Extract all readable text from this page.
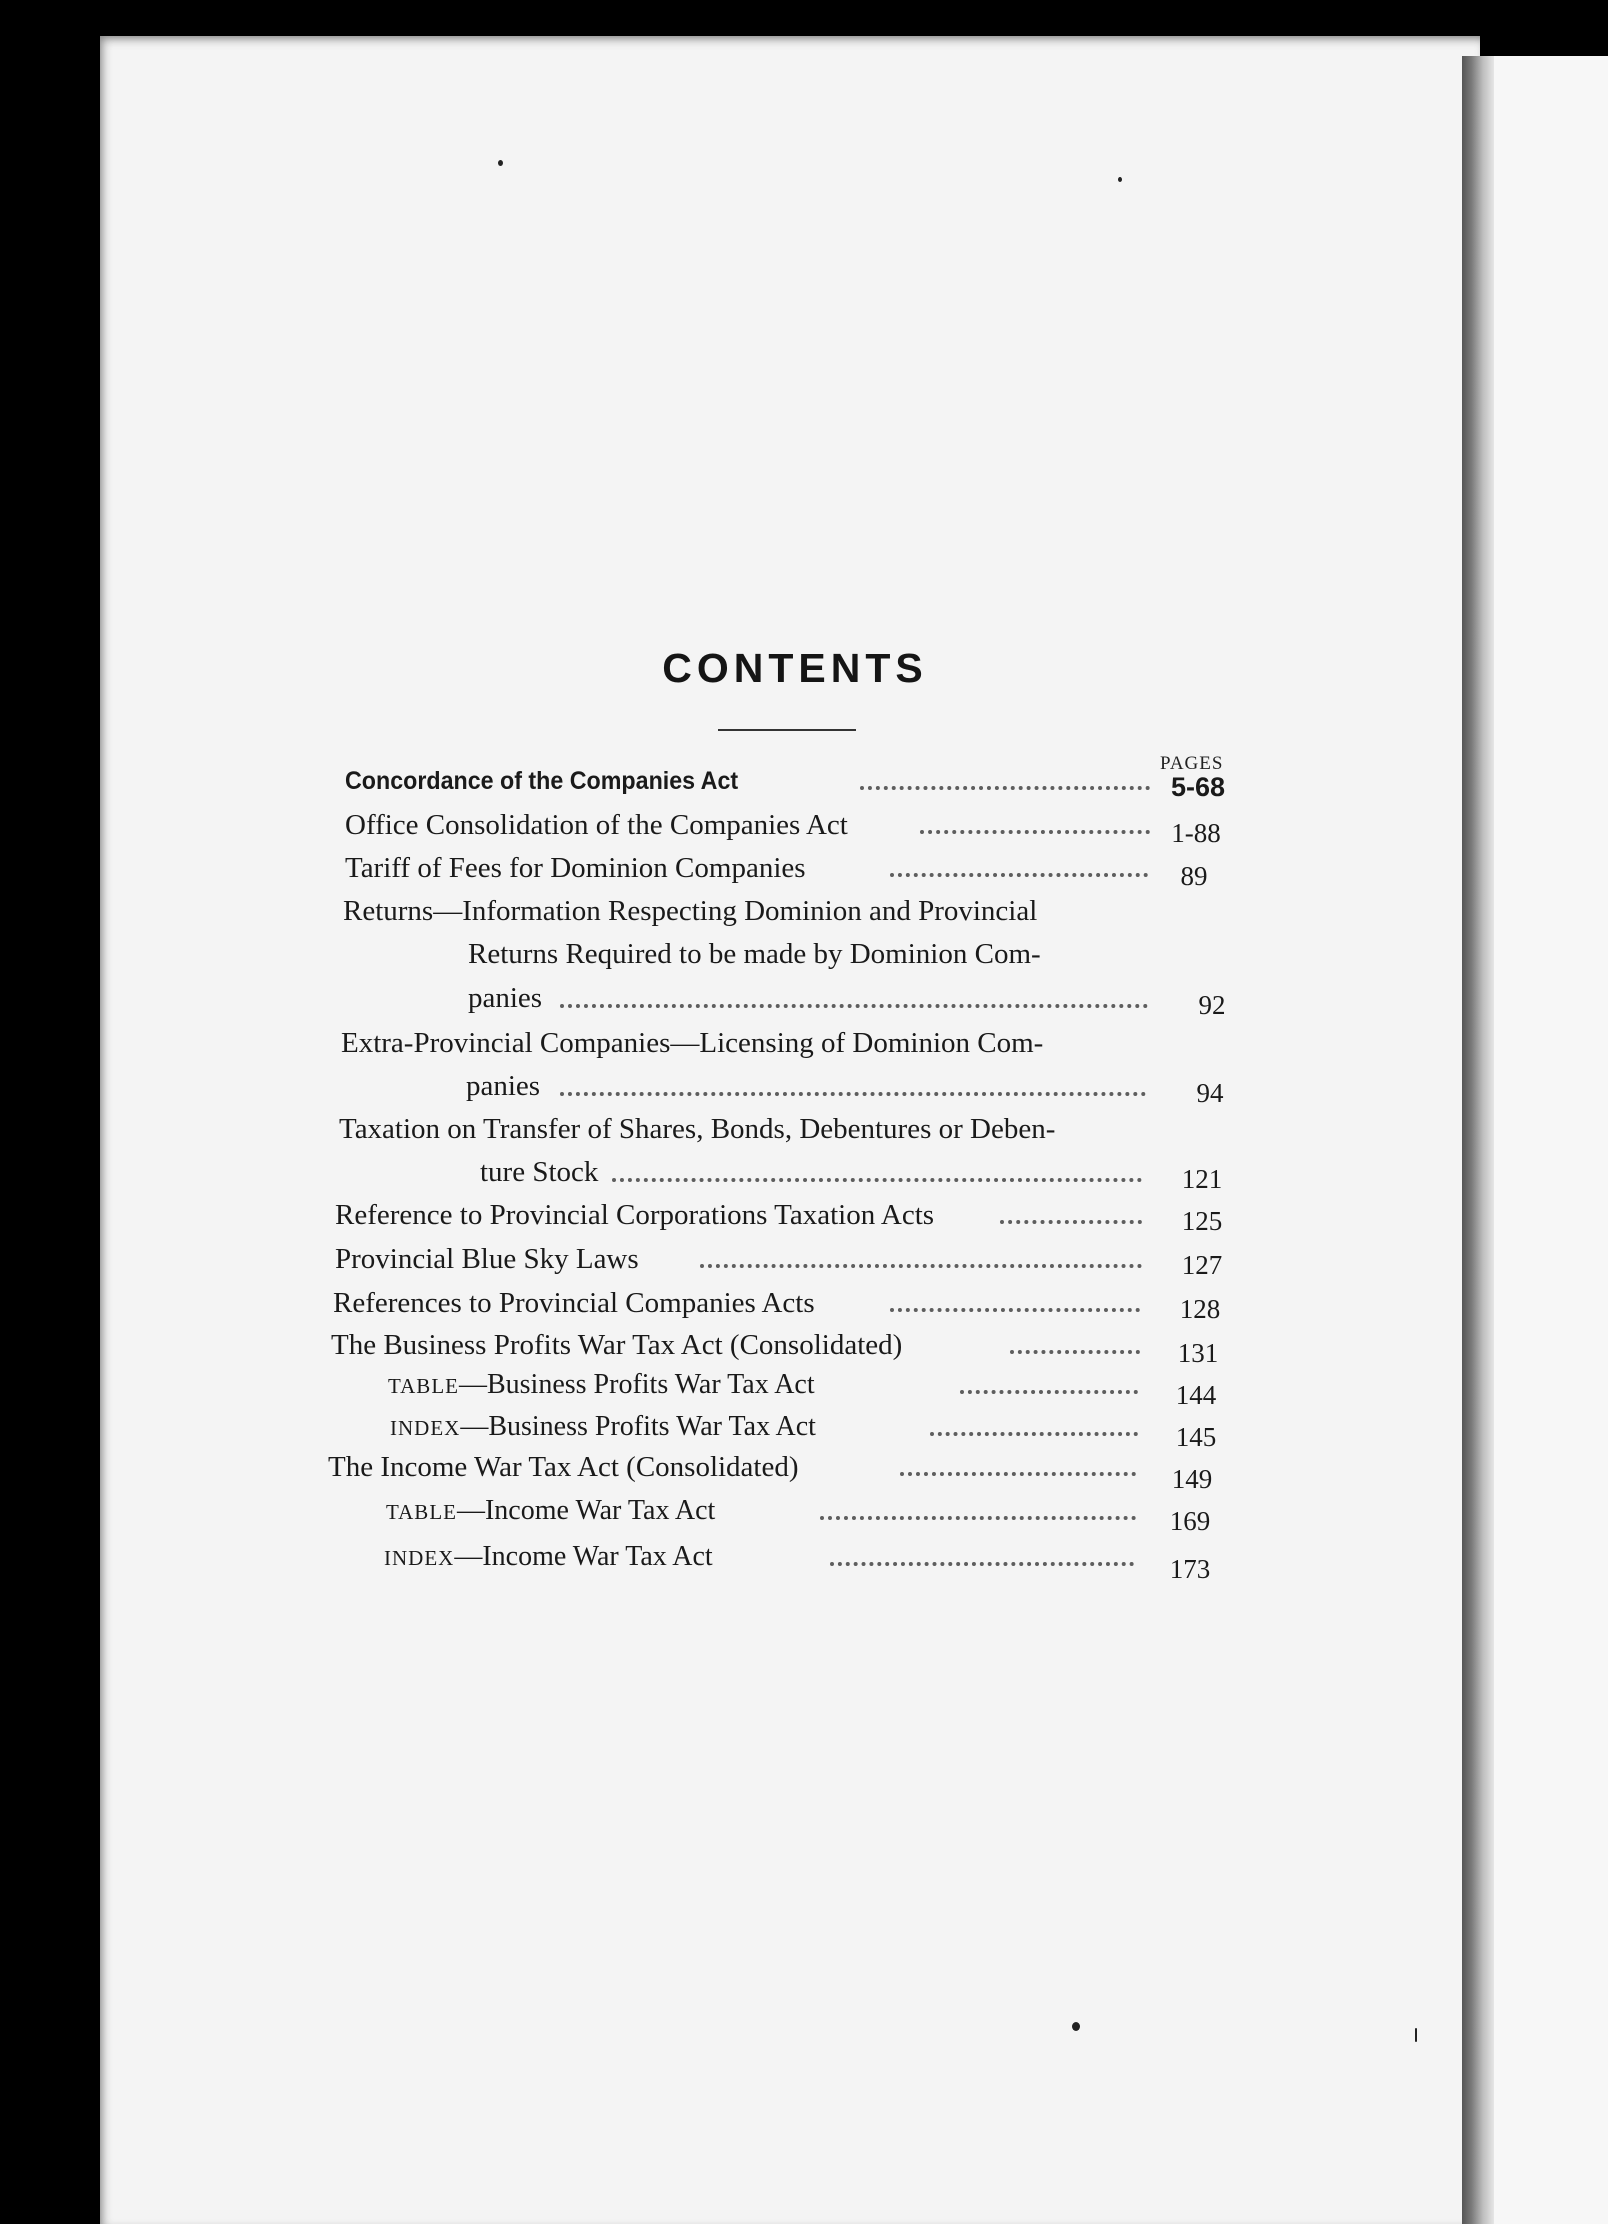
CONTENTS
PAGES
Concordance of the Companies Act	5-68
Office Consolidation of the Companies Act	1-88
Tariff of Fees for Dominion Companies	89
Returns—Information Respecting Dominion and Provincial
Returns Required to be made by Dominion Com-
panies	92
Extra-Provincial Companies—Licensing of Dominion Com-
panies	94
Taxation on Transfer of Shares, Bonds, Debentures or Deben-
ture Stock	121
Reference to Provincial Corporations Taxation Acts	125
Provincial Blue Sky Laws	127
References to Provincial Companies Acts	128
The Business Profits War Tax Act (Consolidated)	131
TABLE—Business Profits War Tax Act	144
INDEX—Business Profits War Tax Act	145
The Income War Tax Act (Consolidated)	149
TABLE—Income War Tax Act	169
INDEX—Income War Tax Act	173
